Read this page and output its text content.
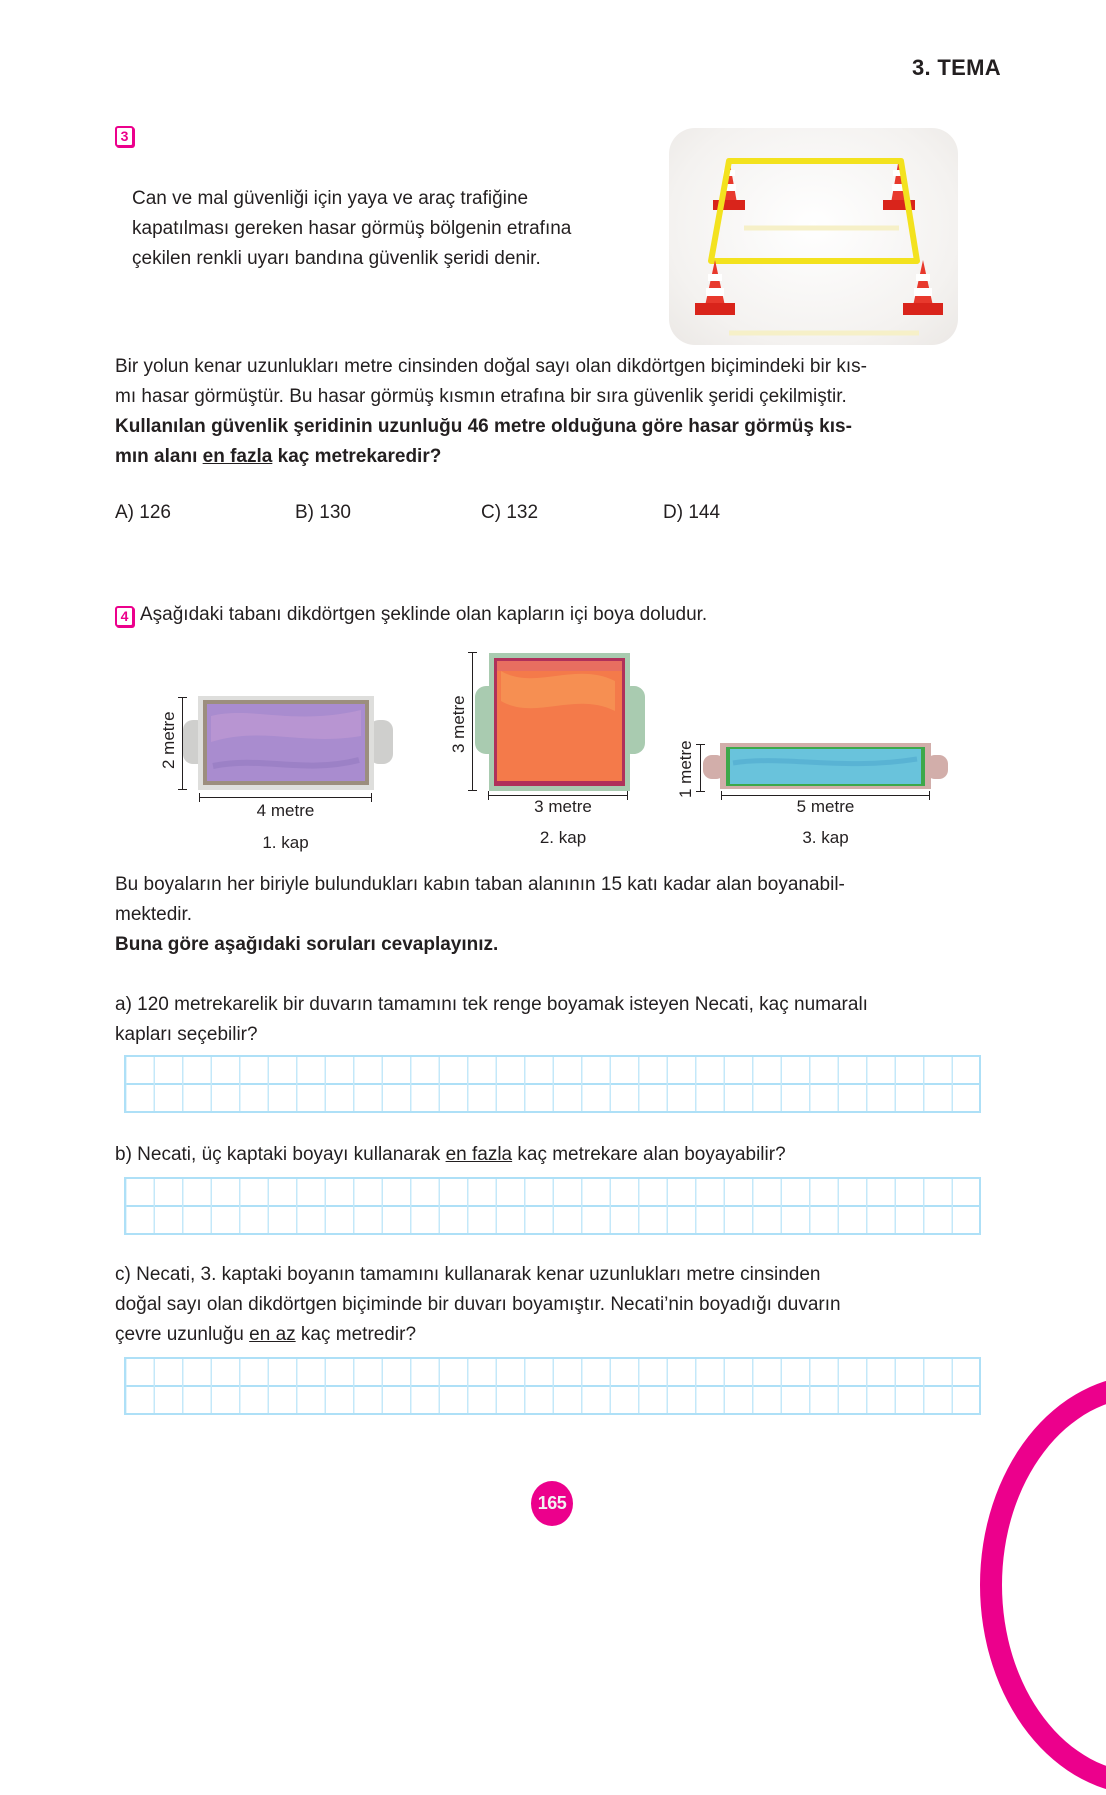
3. TEMA
3
Can ve mal güvenliği için yaya ve araç trafiğine
kapatılması gereken hasar görmüş bölgenin etrafına
çekilen renkli uyarı bandına güvenlik şeridi denir.
Bir yolun kenar uzunlukları metre cinsinden doğal sayı olan dikdörtgen biçimindeki bir kıs-
mı hasar görmüştür. Bu hasar görmüş kısmın etrafına bir sıra güvenlik şeridi çekilmiştir.
Kullanılan güvenlik şeridinin uzunluğu 46 metre olduğuna göre hasar görmüş kıs-
mın alanı en fazla kaç metrekaredir?
A) 126	B) 130	C) 132	D) 144
4 Aşağıdaki tabanı dikdörtgen şeklinde olan kapların içi boya doludur.
2 metre
4 metre
1. kap
3 metre
3 metre
2. kap
1 metre
5 metre
3. kap
Bu boyaların her biriyle bulundukları kabın taban alanının 15 katı kadar alan boyanabil-
mektedir.
Buna göre aşağıdaki soruları cevaplayınız.
a) 120 metrekarelik bir duvarın tamamını tek renge boyamak isteyen Necati, kaç numaralı
kapları seçebilir?
b) Necati, üç kaptaki boyayı kullanarak en fazla kaç metrekare alan boyayabilir?
c) Necati, 3. kaptaki boyanın tamamını kullanarak kenar uzunlukları metre cinsinden
doğal sayı olan dikdörtgen biçiminde bir duvarı boyamıştır. Necati’nin boyadığı duvarın
çevre uzunluğu en az kaç metredir?
165
